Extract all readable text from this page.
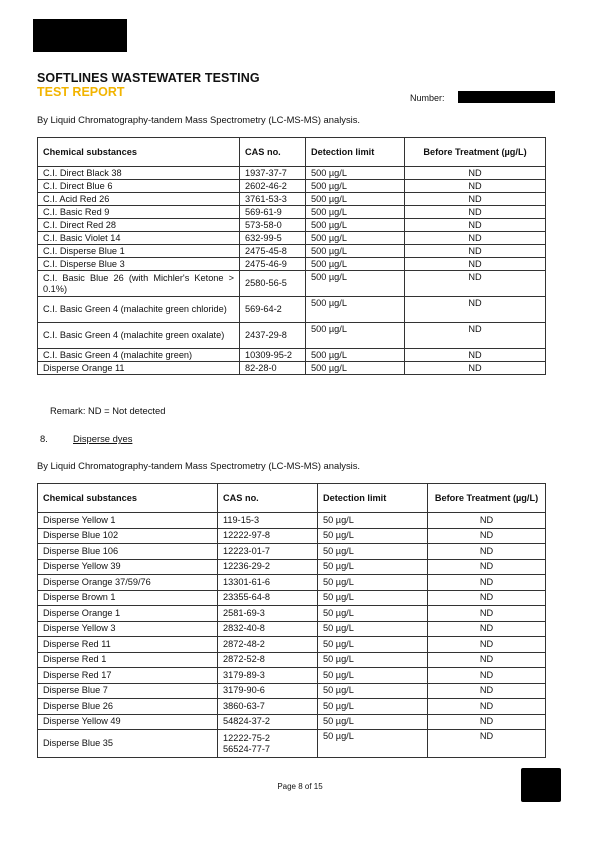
SOFTLINES WASTEWATER TESTING
TEST REPORT	Number:
By Liquid Chromatography-tandem Mass Spectrometry (LC-MS-MS) analysis.
Chemical substances	CAS no.	Detection limit	Before Treatment (µg/L)
C.I. Direct Black 38	1937-37-7	500 µg/L	ND
C.I. Direct Blue 6	2602-46-2	500 µg/L	ND
C.I. Acid Red 26	3761-53-3	500 µg/L	ND
C.I. Basic Red 9	569-61-9	500 µg/L	ND
C.I. Direct Red 28	573-58-0	500 µg/L	ND
C.I. Basic Violet 14	632-99-5	500 µg/L	ND
C.I. Disperse Blue 1	2475-45-8	500 µg/L	ND
C.I. Disperse Blue 3	2475-46-9	500 µg/L	ND
C.I. Basic Blue 26 (with Michler's Ketone > 0.1%)	2580-56-5	500 µg/L	ND
C.I. Basic Green 4 (malachite green chloride)	569-64-2	500 µg/L	ND
C.I. Basic Green 4 (malachite green oxalate)	2437-29-8	500 µg/L	ND
C.I. Basic Green 4 (malachite green)	10309-95-2	500 µg/L	ND
Disperse Orange 11	82-28-0	500 µg/L	ND
Remark: ND = Not detected
8.	Disperse dyes
By Liquid Chromatography-tandem Mass Spectrometry (LC-MS-MS) analysis.
Chemical substances	CAS no.	Detection limit	Before Treatment (µg/L)
Disperse Yellow 1	119-15-3	50 µg/L	ND
Disperse Blue 102	12222-97-8	50 µg/L	ND
Disperse Blue 106	12223-01-7	50 µg/L	ND
Disperse Yellow 39	12236-29-2	50 µg/L	ND
Disperse Orange 37/59/76	13301-61-6	50 µg/L	ND
Disperse Brown 1	23355-64-8	50 µg/L	ND
Disperse Orange 1	2581-69-3	50 µg/L	ND
Disperse Yellow 3	2832-40-8	50 µg/L	ND
Disperse Red 11	2872-48-2	50 µg/L	ND
Disperse Red 1	2872-52-8	50 µg/L	ND
Disperse Red 17	3179-89-3	50 µg/L	ND
Disperse Blue 7	3179-90-6	50 µg/L	ND
Disperse Blue 26	3860-63-7	50 µg/L	ND
Disperse Yellow 49	54824-37-2	50 µg/L	ND
Disperse Blue 35	12222-75-2
56524-77-7	50 µg/L	ND
Page 8 of 15
